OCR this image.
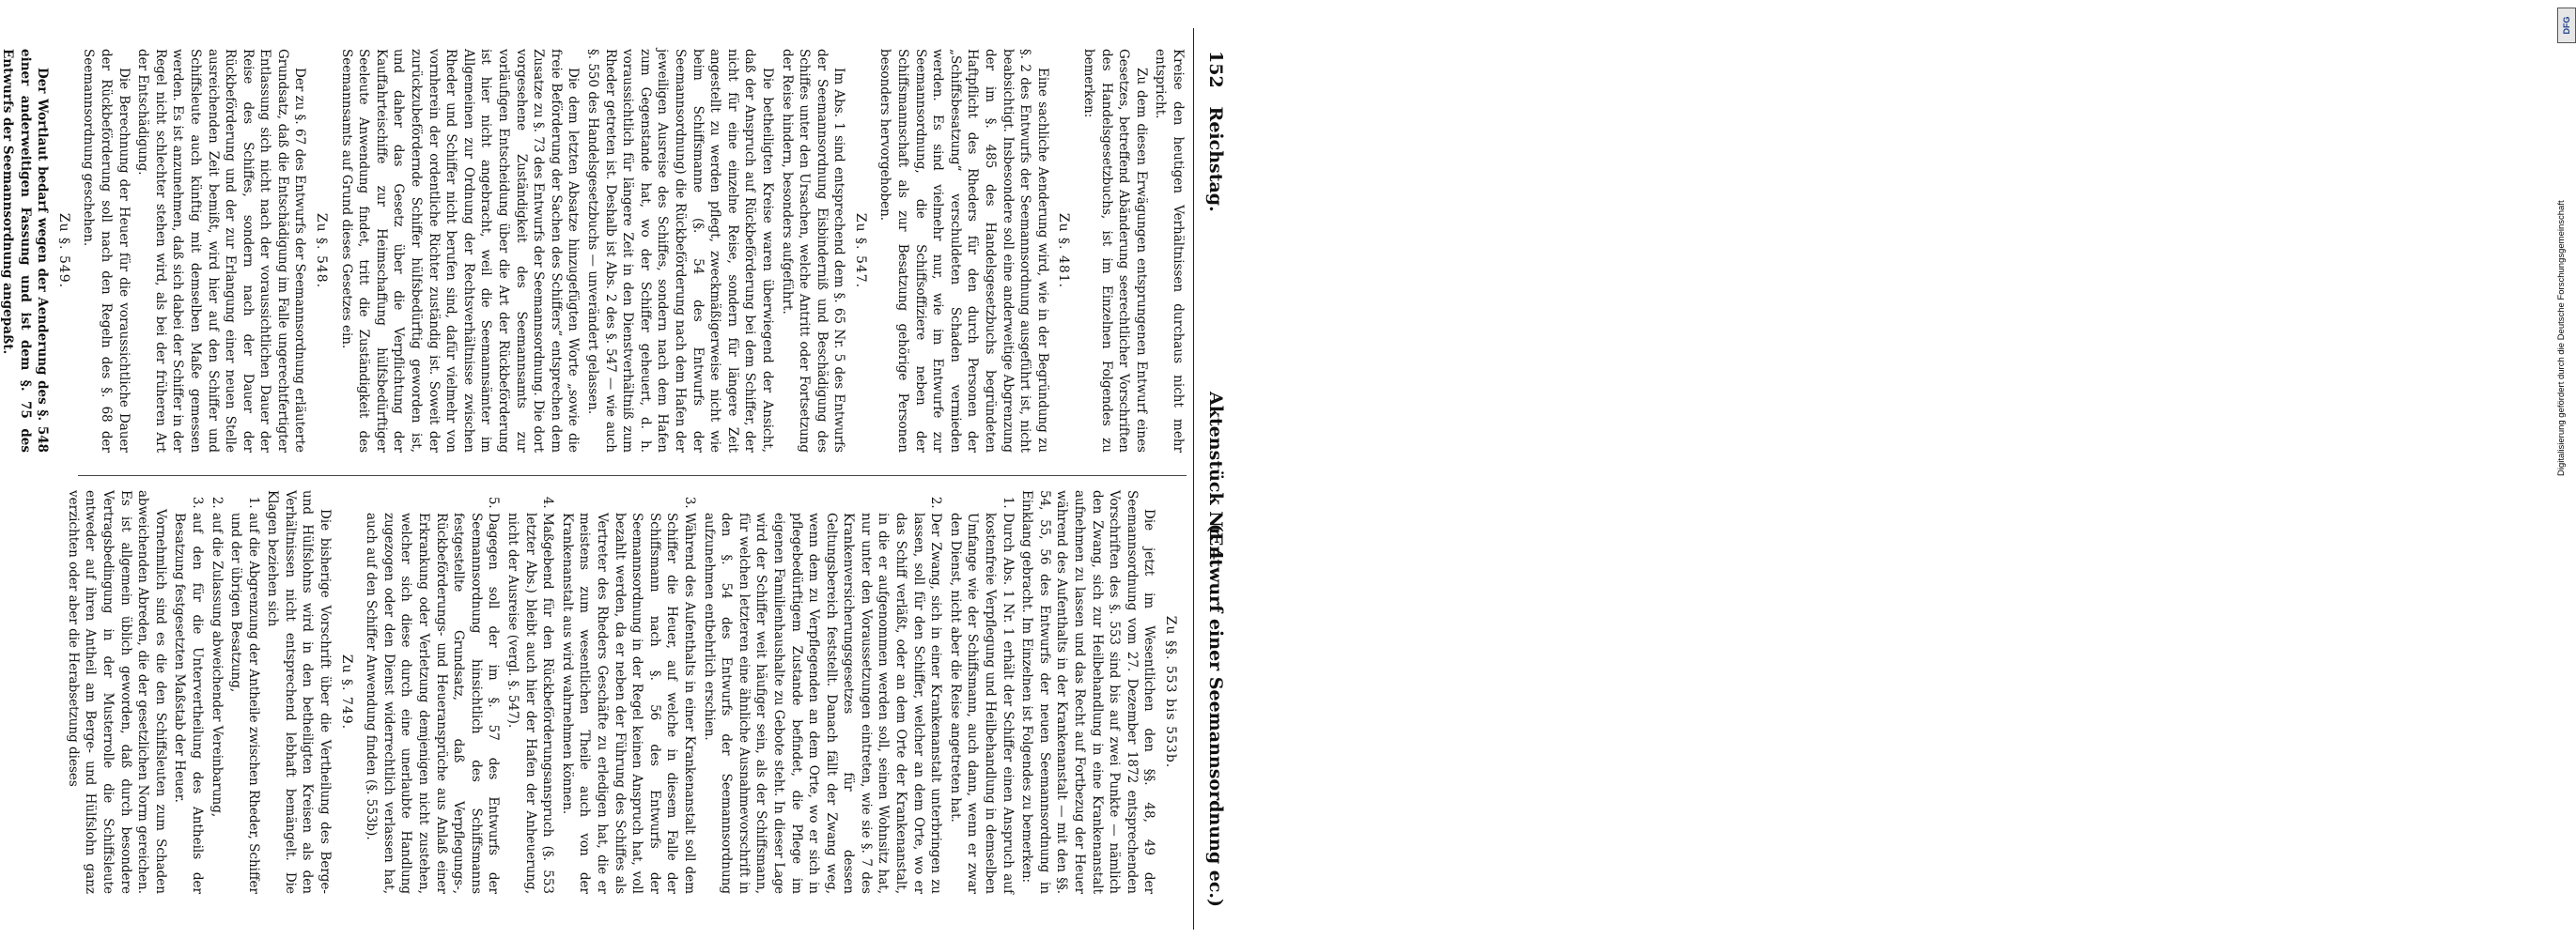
DFG
Digitalisierung gefördert durch die Deutsche Forschungsgemeinschaft
152   Reichstag.
Aktenstück Nr. 4.
(Entwurf einer Seemannsordnung ec.)

Kreise den heutigen Verhältnissen durchaus nicht mehr entspricht.

Zu dem diesen Erwägungen entsprungenen Entwurf eines Gesetzes, betreffend Abänderung seerechtlicher Vorschriften des Handelsgesetzbuchs, ist im Einzelnen Folgendes zu bemerken:

Zu §. 481.

Eine sachliche Aenderung wird, wie in der Begründung zu §. 2 des Entwurfs der Seemannsordnung ausgeführt ist, nicht beabsichtigt. Insbesondere soll eine anderweitige Abgrenzung der im §. 485 des Handelsgesetzbuchs begründeten Haftpflicht des Rheders für den durch Personen der „Schiffsbesatzung“ verschuldeten Schaden vermieden werden. Es sind vielmehr nur, wie im Entwurfe zur Seemannsordnung, die Schiffsoffiziere neben der Schiffsmannschaft als zur Besatzung gehörige Personen besonders hervorgehoben.

Zu §. 547.

Im Abs. 1 sind entsprechend dem §. 65 Nr. 5 des Entwurfs der Seemannsordnung Eisbinderniß und Beschädigung des Schiffes unter den Ursachen, welche Antritt oder Fortsetzung der Reise hindern, besonders aufgeführt.

Die betheiligten Kreise waren überwiegend der Ansicht, daß der Anspruch auf Rückbeförderung bei dem Schiffer, der nicht für eine einzelne Reise, sondern für längere Zeit angestellt zu werden pflegt, zweckmäßigerweise nicht wie beim Schiffsmanne (§. 54 des Entwurfs der Seemannsordnung) die Rückbeförderung nach dem Hafen der jeweiligen Ausreise des Schiffes, sondern nach dem Hafen zum Gegenstande hat, wo der Schiffer geheuert, d. h. voraussichtlich für längere Zeit in den Dienstverhältniß zum Rheder getreten ist. Deshalb ist Abs. 2 des §. 547 — wie auch §. 550 des Handelsgesetzbuchs — unverändert gelassen.

Die dem letzten Absatze hinzugefügten Worte „sowie die freie Beförderung der Sachen des Schiffers“ entsprechen dem Zusatze zu §. 73 des Entwurfs der Seemannsordnung. Die dort vorgesehene Zuständigkeit des Seemannsamts zur vorläufigen Entscheidung über die Art der Rückbeförderung ist hier nicht angebracht, weil die Seemannsämter im Allgemeinen zur Ordnung der Rechtsverhältnisse zwischen Rheder und Schiffer nicht berufen sind, dafür vielmehr von vornherein der ordentliche Richter zuständig ist. Soweit der zurückzubefördernde Schiffer hülfsbedürftig geworden ist, und daher das Gesetz über die Verpflichtung der Kauffahrteischiffe zur Heimschaffung hülfsbedürftiger Seeleute Anwendung findet, tritt die Zuständigkeit des Seemannsamts auf Grund dieses Gesetzes ein.

Zu §. 548.

Der zu §. 67 des Entwurfs der Seemannsordnung erläuterte Grundsatz, daß die Entschädigung im Falle ungerechtfertigter Entlassung sich nicht nach der voraussichtlichen Dauer der Reise des Schiffes, sondern nach der Dauer der Rückbeförderung und der zur Erlangung einer neuen Stelle ausreichenden Zeit bemißt, wird hier auf den Schiffer und Schiffsleute auch künftig mit demselben Maße gemessen werden. Es ist anzunehmen, daß sich dabei der Schiffer in der Regel nicht schlechter stehen wird, als bei der früheren Art der Entschädigung.

Die Berechnung der Heuer für die voraussichtliche Dauer der Rückbeförderung soll nach den Regeln des §. 68 der Seemannsordnung geschehen.

Zu §. 549.

Der Wortlaut bedarf wegen der Aenderung des §. 548 einer anderweitigen Fassung und ist dem §. 75 des Entwurfs der Seemannsordnung angepaßt.

Zu §§. 553 bis 553b.

Die jetzt im Wesentlichen den §§. 48, 49 der Seemannsordnung vom 27. Dezember 1872 entsprechenden Vorschriften des §. 553 sind bis auf zwei Punkte — nämlich den Zwang, sich zur Heilbehandlung in eine Krankenanstalt aufnehmen zu lassen und das Recht auf Fortbezug der Heuer während des Aufenthalts in der Krankenanstalt — mit den §§. 54, 55, 56 des Entwurfs der neuen Seemannsordnung in Einklang gebracht. Im Einzelnen ist Folgendes zu bemerken:

1. Durch Abs. 1 Nr. 1 erhält der Schiffer einen Anspruch auf kostenfreie Verpflegung und Heilbehandlung in demselben Umfange wie der Schiffsmann, auch dann, wenn er zwar den Dienst, nicht aber die Reise angetreten hat.
2. Der Zwang, sich in einer Krankenanstalt unterbringen zu lassen, soll für den Schiffer, welcher an dem Orte, wo er das Schiff verläßt, oder an dem Orte der Krankenanstalt, in die er aufgenommen werden soll, seinen Wohnsitz hat, nur unter den Voraussetzungen eintreten, wie sie §. 7 des Krankenversicherungsgesetzes für dessen Geltungsbereich feststellt. Danach fällt der Zwang weg, wenn dem zu Verpflegenden an dem Orte, wo er sich in pflegebedürftigem Zustande befindet, die Pflege im eigenen Familienhaushalte zu Gebote steht. In dieser Lage wird der Schiffer weit häufiger sein, als der Schiffsmann, für welchen letzteren eine ähnliche Ausnahmevorschrift in den §. 54 des Entwurfs der Seemannsordnung aufzunehmen entbehrlich erschien.
3. Während des Aufenthalts in einer Krankenanstalt soll dem Schiffer die Heuer, auf welche in diesem Falle der Schiffsmann nach §. 56 des Entwurfs der Seemannsordnung in der Regel keinen Anspruch hat, voll bezahlt werden, da er neben der Führung des Schiffes als Vertreter des Rheders Geschäfte zu erledigen hat, die er meistens zum wesentlichen Theile auch von der Krankenanstalt aus wird wahrnehmen können.
4. Maßgebend für den Rückbeförderungsanspruch (§. 553 letzter Abs.) bleibt auch hier der Hafen der Anheuerung, nicht der Ausreise (vergl. §. 547).
5. Dagegen soll der im §. 57 des Entwurfs der Seemannsordnung hinsichtlich des Schiffsmanns festgestellte Grundsatz, daß Verpflegungs-, Rückbeförderungs- und Heueransprüche aus Anlaß einer Erkrankung oder Verletzung demjenigen nicht zustehen, welcher sich diese durch eine unerlaubte Handlung zugezogen oder den Dienst widerrechtlich verlassen hat, auch auf den Schiffer Anwendung finden (§. 553b).
Zu §. 749.

Die bisherige Vorschrift über die Vertheilung des Berge- und Hülfslohns wird in den betheiligten Kreisen als den Verhältnissen nicht entsprechend lebhaft bemängelt. Die Klagen beziehen sich

1. auf die Abgrenzung der Antheile zwischen Rheder, Schiffer und der übrigen Besatzung,
2. auf die Zulassung abweichender Vereinbarung,
3. auf den für die Untervertheilung des Antheils der Besatzung festgesetzten Maßstab der Heuer.

Vornehmlich sind es die den Schiffsleuten zum Schaden abweichenden Abreden, die der gesetzlichen Norm gereichen. Es ist allgemein üblich geworden, daß durch besondere Vertragsbedingung in der Musterrolle die Schiffsleute entweder auf ihren Antheil am Berge- und Hülfslohn ganz verzichten oder aber die Herabsetzung dieses
